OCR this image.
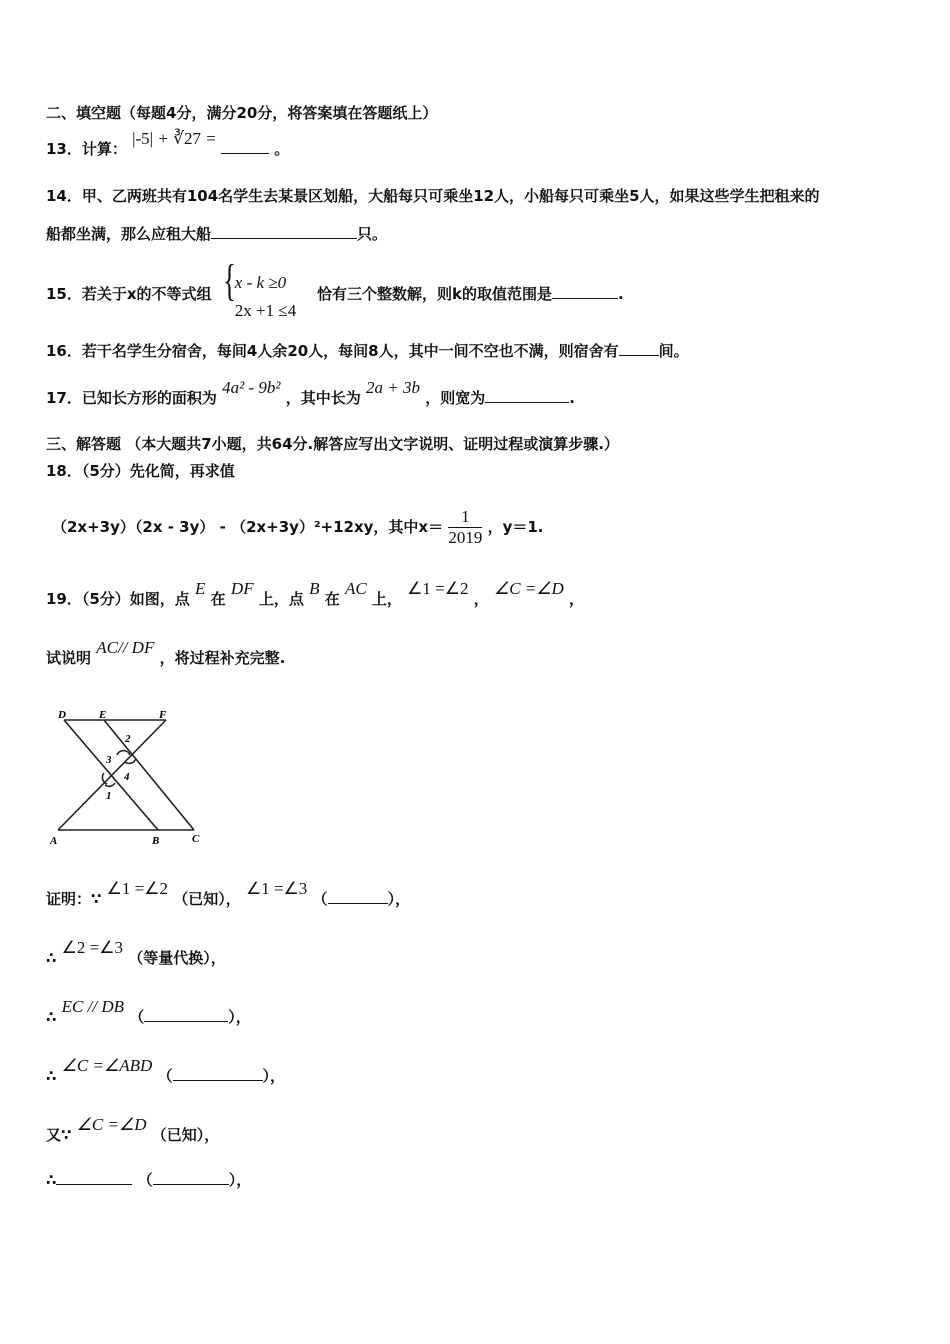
二、填空题（每题4分，满分20分，将答案填在答题纸上）
13．计算： |-5| + ∛27 =  。
14．甲、乙两班共有104名学生去某景区划船，大船每只可乘坐12人，小船每只可乘坐5人，如果这些学生把租来的
船都坐满，那么应租大船	只。
15．若关于x的不等式组 { x - k ≥0
2x +1 ≤4
恰有三个整数解，则k的取值范围是	.
16．若干名学生分宿舍，每间4人余20人，每间8人，其中一间不空也不满，则宿舍有	间。
17．已知长方形的面积为 4a² - 9b² ，其中长为 2a + 3b ，则宽为	.
三、解答题 （本大题共7小题，共64分.解答应写出文字说明、证明过程或演算步骤.）
18．（5分）先化简，再求值
（2x+3y）（2x - 3y） - （2x+3y）²+12xy，其中$x= \frac{1}{2019}$ ，y＝1.
19．（5分）如图，点 E 在 DF 上，点 B 在 AC 上， ∠1 =∠2 ， ∠C =∠D ，
试说明 AC// DF ，将过程补充完整.
D	E	F
A	B	C
1
2
3
4
证明：∵ ∠1 =∠2 （已知）， ∠1 =∠3 （	），
∴ ∠2 =∠3 （等量代换），
∴ EC // DB （	），
∴ ∠C =∠ABD （	），
又∵ ∠C =∠D （已知），
∴	（	），
